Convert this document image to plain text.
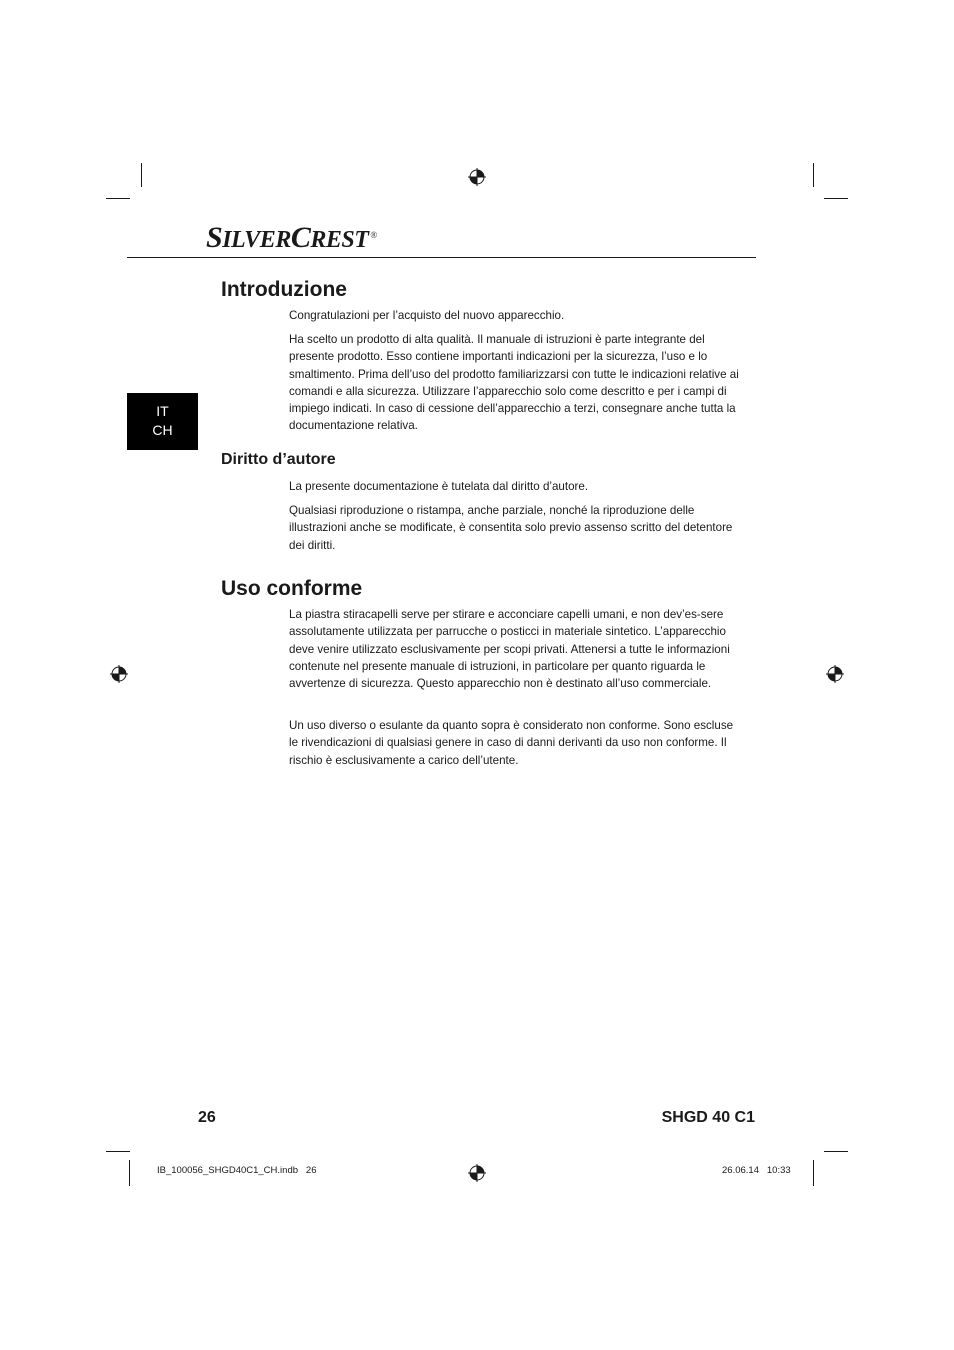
SILVERCREST ®
IT
CH
Introduzione

Congratulazioni per l’acquisto del nuovo apparecchio.

Ha scelto un prodotto di alta qualità. Il manuale di istruzioni è parte integrante del presente prodotto. Esso contiene importanti indicazioni per la sicurezza, l’uso e lo smaltimento. Prima dell’uso del prodotto familiarizzarsi con tutte le indicazioni relative ai comandi e alla sicurezza. Utilizzare l’apparecchio solo come descritto e per i campi di impiego indicati. In caso di cessione dell’apparecchio a terzi, consegnare anche tutta la documentazione relativa.

Diritto d’autore

La presente documentazione è tutelata dal diritto d’autore.

Qualsiasi riproduzione o ristampa, anche parziale, nonché la riproduzione delle illustrazioni anche se modificate, è consentita solo previo assenso scritto del detentore dei diritti.

Uso conforme

La piastra stiracapelli serve per stirare e acconciare capelli umani, e non dev’es-sere assolutamente utilizzata per parrucche o posticci in materiale sintetico. L’apparecchio deve venire utilizzato esclusivamente per scopi privati. Attenersi a tutte le informazioni contenute nel presente manuale di istruzioni, in particolare per quanto riguarda le avvertenze di sicurezza. Questo apparecchio non è destinato all’uso commerciale.

Un uso diverso o esulante da quanto sopra è considerato non conforme. Sono escluse le rivendicazioni di qualsiasi genere in caso di danni derivanti da uso non conforme. Il rischio è esclusivamente a carico dell’utente.

26	SHGD 40 C1
IB_100056_SHGD40C1_CH.indb   26	26.06.14   10:33
